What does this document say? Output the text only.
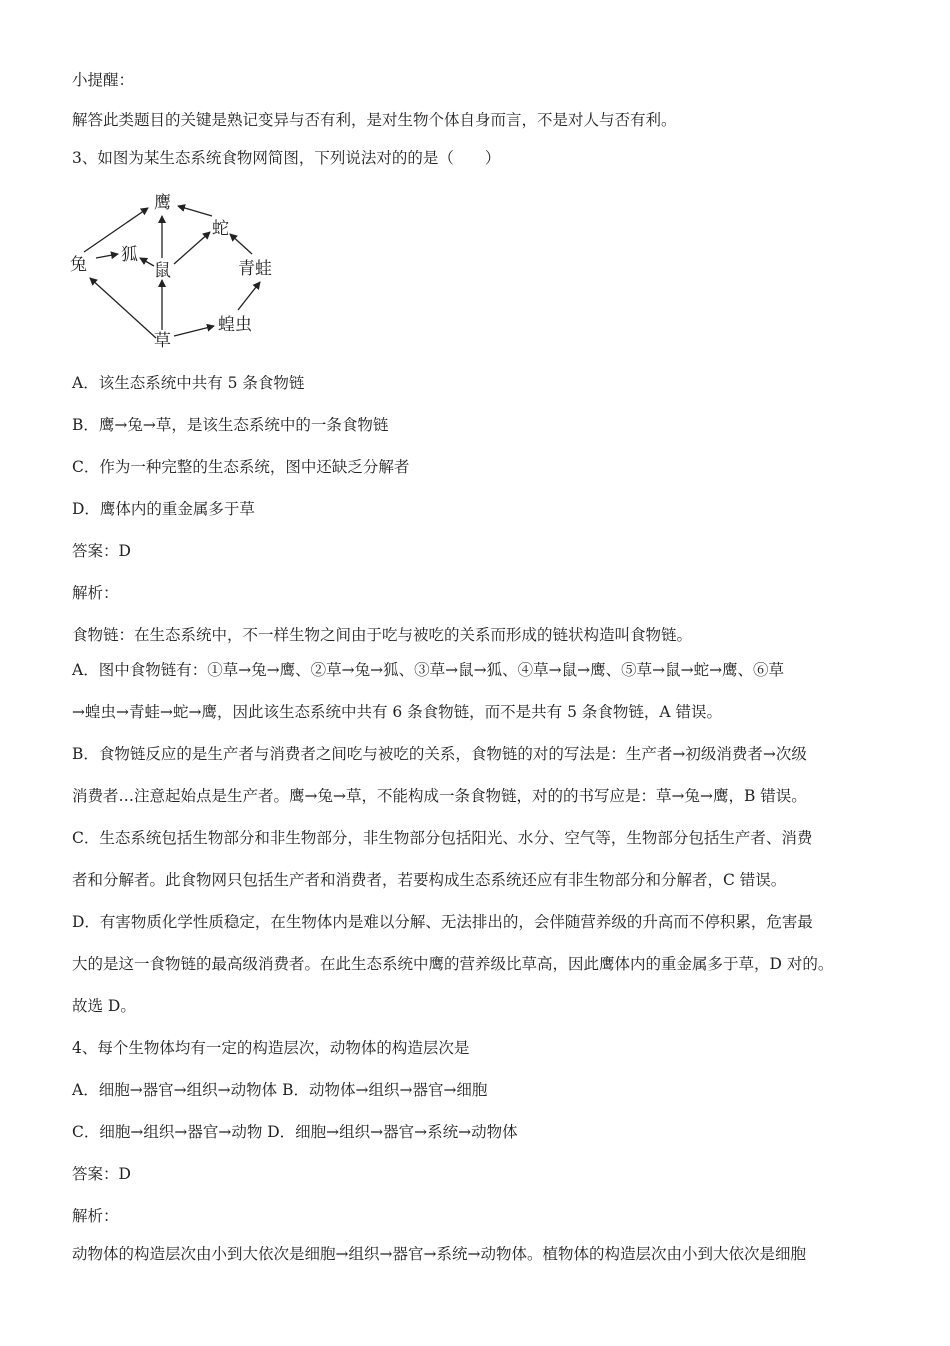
小提醒：
解答此类题目的关键是熟记变异与否有利，是对生物个体自身而言，不是对人与否有利。
3、如图为某生态系统食物网简图，下列说法对的的是（　　）
鹰
蛇
兔 狐
鼠	青蛙
草
蝗虫
A．该生态系统中共有 5 条食物链
B．鹰→兔→草，是该生态系统中的一条食物链
C．作为一种完整的生态系统，图中还缺乏分解者
D．鹰体内的重金属多于草
答案：D
解析：
食物链：在生态系统中，不一样生物之间由于吃与被吃的关系而形成的链状构造叫食物链。
A．图中食物链有：①草→兔→鹰、②草→兔→狐、③草→鼠→狐、④草→鼠→鹰、⑤草→鼠→蛇→鹰、⑥草
→蝗虫→青蛙→蛇→鹰，因此该生态系统中共有 6 条食物链，而不是共有 5 条食物链，A 错误。
B．食物链反应的是生产者与消费者之间吃与被吃的关系，食物链的对的写法是：生产者→初级消费者→次级
消费者…注意起始点是生产者。鹰→兔→草，不能构成一条食物链，对的的书写应是：草→兔→鹰，B 错误。
C．生态系统包括生物部分和非生物部分，非生物部分包括阳光、水分、空气等，生物部分包括生产者、消费
者和分解者。此食物网只包括生产者和消费者，若要构成生态系统还应有非生物部分和分解者，C 错误。
D．有害物质化学性质稳定，在生物体内是难以分解、无法排出的，会伴随营养级的升高而不停积累，危害最
大的是这一食物链的最高级消费者。在此生态系统中鹰的营养级比草高，因此鹰体内的重金属多于草，D 对的。
故选 D。
4、每个生物体均有一定的构造层次，动物体的构造层次是
A．细胞→器官→组织→动物体 B．动物体→组织→器官→细胞
C．细胞→组织→器官→动物 D．细胞→组织→器官→系统→动物体
答案：D
解析：
动物体的构造层次由小到大依次是细胞→组织→器官→系统→动物体。植物体的构造层次由小到大依次是细胞
